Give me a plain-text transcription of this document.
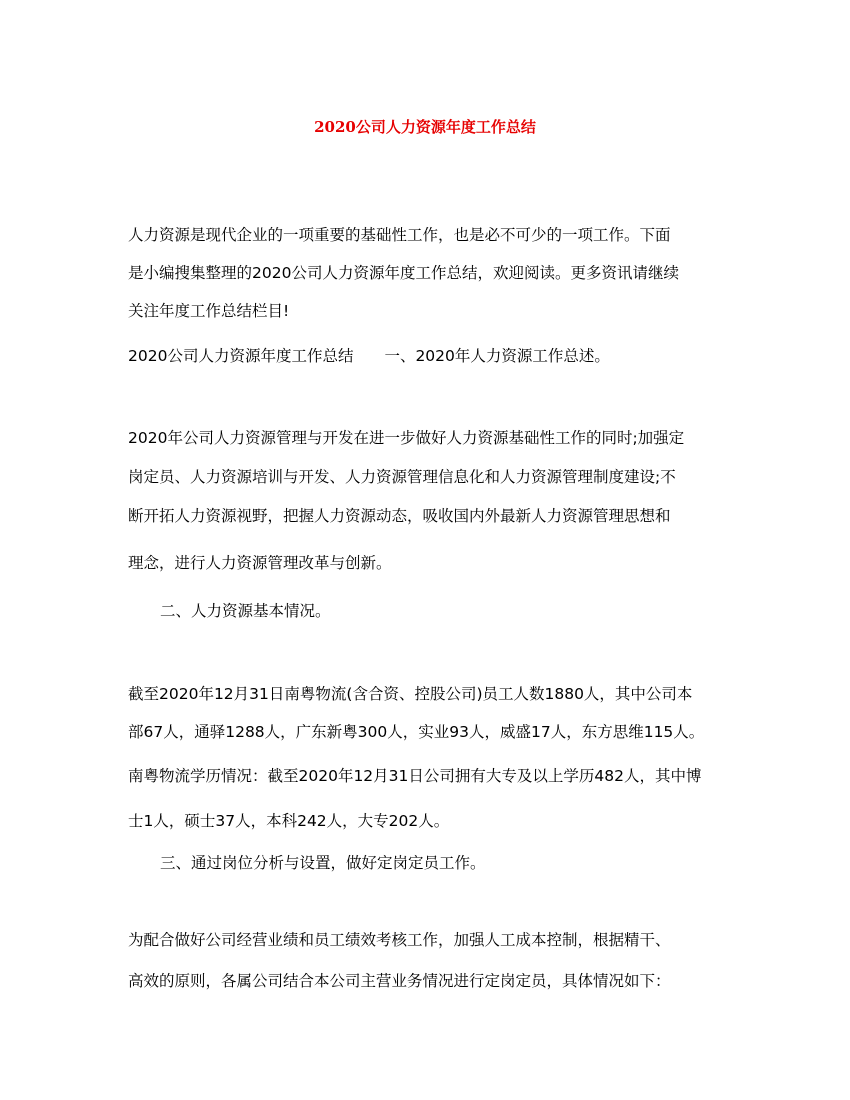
2020公司人力资源年度工作总结
人力资源是现代企业的一项重要的基础性工作，也是必不可少的一项工作。下面
是小编搜集整理的2020公司人力资源年度工作总结，欢迎阅读。更多资讯请继续
关注年度工作总结栏目!
2020公司人力资源年度工作总结　　一、2020年人力资源工作总述。
2020年公司人力资源管理与开发在进一步做好人力资源基础性工作的同时;加强定
岗定员、人力资源培训与开发、人力资源管理信息化和人力资源管理制度建设;不
断开拓人力资源视野，把握人力资源动态，吸收国内外最新人力资源管理思想和
理念，进行人力资源管理改革与创新。
二、人力资源基本情况。
截至2020年12月31日南粤物流(含合资、控股公司)员工人数1880人，其中公司本
部67人，通驿1288人，广东新粤300人，实业93人，威盛17人，东方思维115人。
南粤物流学历情况：截至2020年12月31日公司拥有大专及以上学历482人，其中博
士1人，硕士37人，本科242人，大专202人。
三、通过岗位分析与设置，做好定岗定员工作。
为配合做好公司经营业绩和员工绩效考核工作，加强人工成本控制，根据精干、
高效的原则，各属公司结合本公司主营业务情况进行定岗定员，具体情况如下：
